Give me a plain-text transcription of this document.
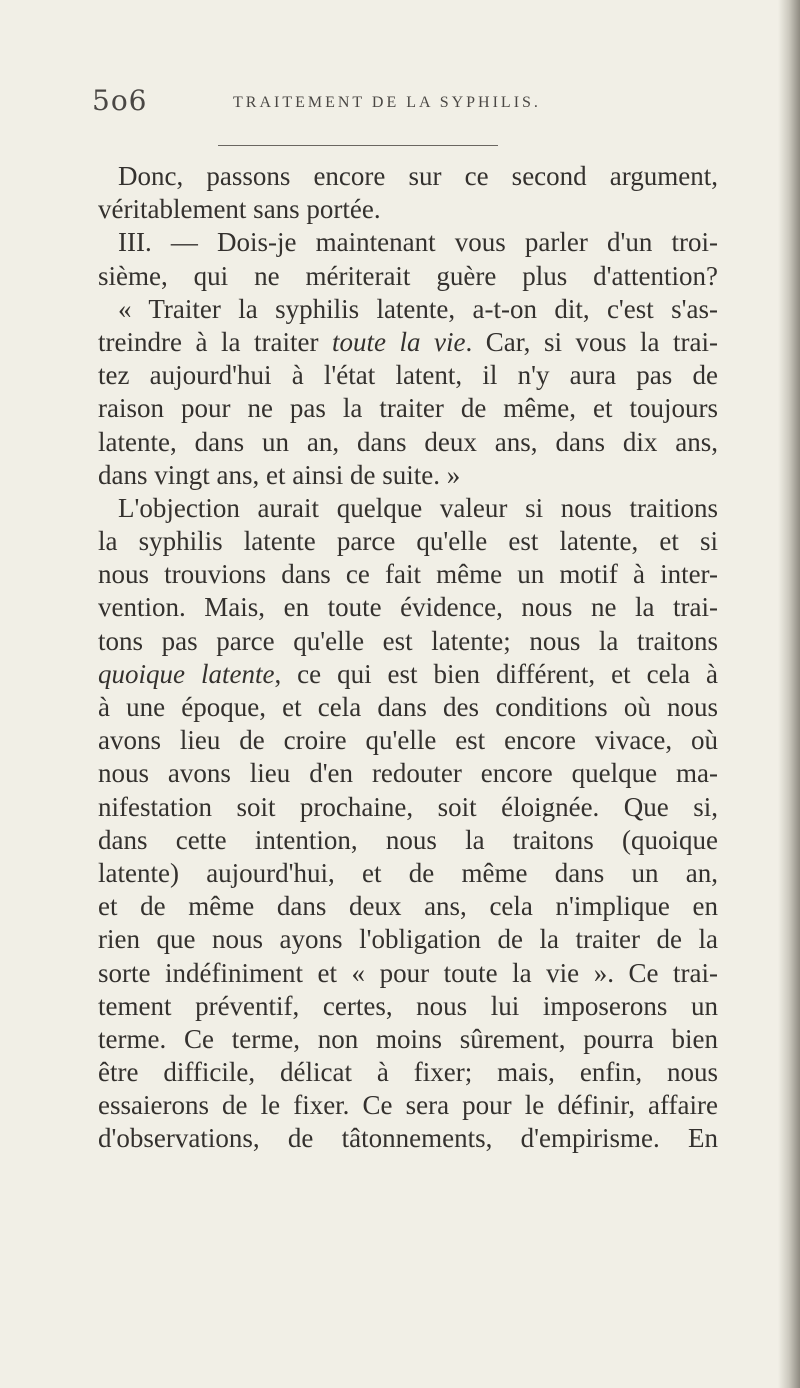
5o6	TRAITEMENT DE LA SYPHILIS.
Donc, passons encore sur ce second argument,
véritablement sans portée.
III. — Dois-je maintenant vous parler d'un troi-
sième, qui ne mériterait guère plus d'attention?
« Traiter la syphilis latente, a-t-on dit, c'est s'as-
treindre à la traiter toute la vie. Car, si vous la trai-
tez aujourd'hui à l'état latent, il n'y aura pas de
raison pour ne pas la traiter de même, et toujours
latente, dans un an, dans deux ans, dans dix ans,
dans vingt ans, et ainsi de suite. »
L'objection aurait quelque valeur si nous traitions
la syphilis latente parce qu'elle est latente, et si
nous trouvions dans ce fait même un motif à inter-
vention. Mais, en toute évidence, nous ne la trai-
tons pas parce qu'elle est latente; nous la traitons
quoique latente, ce qui est bien différent, et cela à
à une époque, et cela dans des conditions où nous
avons lieu de croire qu'elle est encore vivace, où
nous avons lieu d'en redouter encore quelque ma-
nifestation soit prochaine, soit éloignée. Que si,
dans cette intention, nous la traitons (quoique
latente) aujourd'hui, et de même dans un an,
et de même dans deux ans, cela n'implique en
rien que nous ayons l'obligation de la traiter de la
sorte indéfiniment et « pour toute la vie ». Ce trai-
tement préventif, certes, nous lui imposerons un
terme. Ce terme, non moins sûrement, pourra bien
être difficile, délicat à fixer; mais, enfin, nous
essaierons de le fixer. Ce sera pour le définir, affaire
d'observations, de tâtonnements, d'empirisme. En
